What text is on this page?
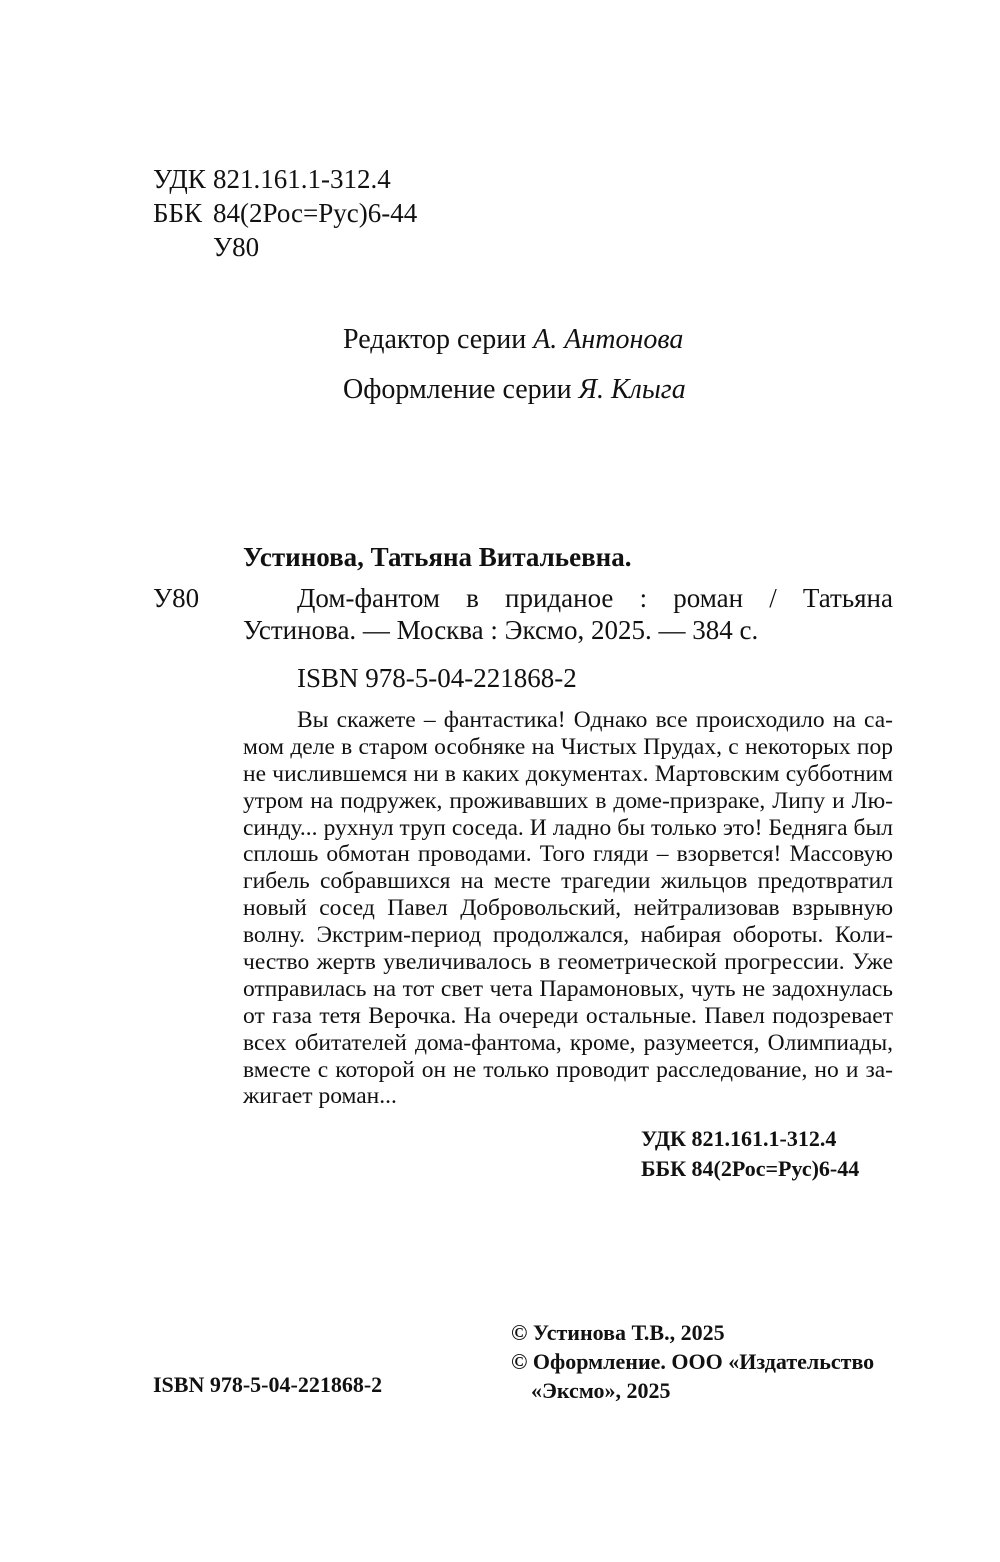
УДК 821.161.1-312.4
ББК 84(2Рос=Рус)6-44
У80
Редактор серии А. Антонова
Оформление серии Я. Клыга
Устинова, Татьяна Витальевна.
У80	Дом-фантом в приданое : роман / Татьяна
Устинова. — Москва : Эксмо, 2025. — 384 с.
ISBN 978-5-04-221868-2
Вы скажете – фантастика! Однако все происходило на са-
мом деле в старом особняке на Чистых Прудах, с некоторых пор
не числившемся ни в каких документах. Мартовским субботним
утром на подружек, проживавших в доме-призраке, Липу и Лю-
синду... рухнул труп соседа. И ладно бы только это! Бедняга был
сплошь обмотан проводами. Того гляди – взорвется! Массовую
гибель собравшихся на месте трагедии жильцов предотвратил
новый сосед Павел Добровольский, нейтрализовав взрывную
волну. Экстрим-период продолжался, набирая обороты. Коли-
чество жертв увеличивалось в геометрической прогрессии. Уже
отправилась на тот свет чета Парамоновых, чуть не задохнулась
от газа тетя Верочка. На очереди остальные. Павел подозревает
всех обитателей дома-фантома, кроме, разумеется, Олимпиады,
вместе с которой он не только проводит расследование, но и за-
жигает роман...
УДК 821.161.1-312.4
ББК 84(2Рос=Рус)6-44
© Устинова Т.В., 2025
© Оформление. ООО «Издательство
«Эксмо», 2025
ISBN 978-5-04-221868-2
